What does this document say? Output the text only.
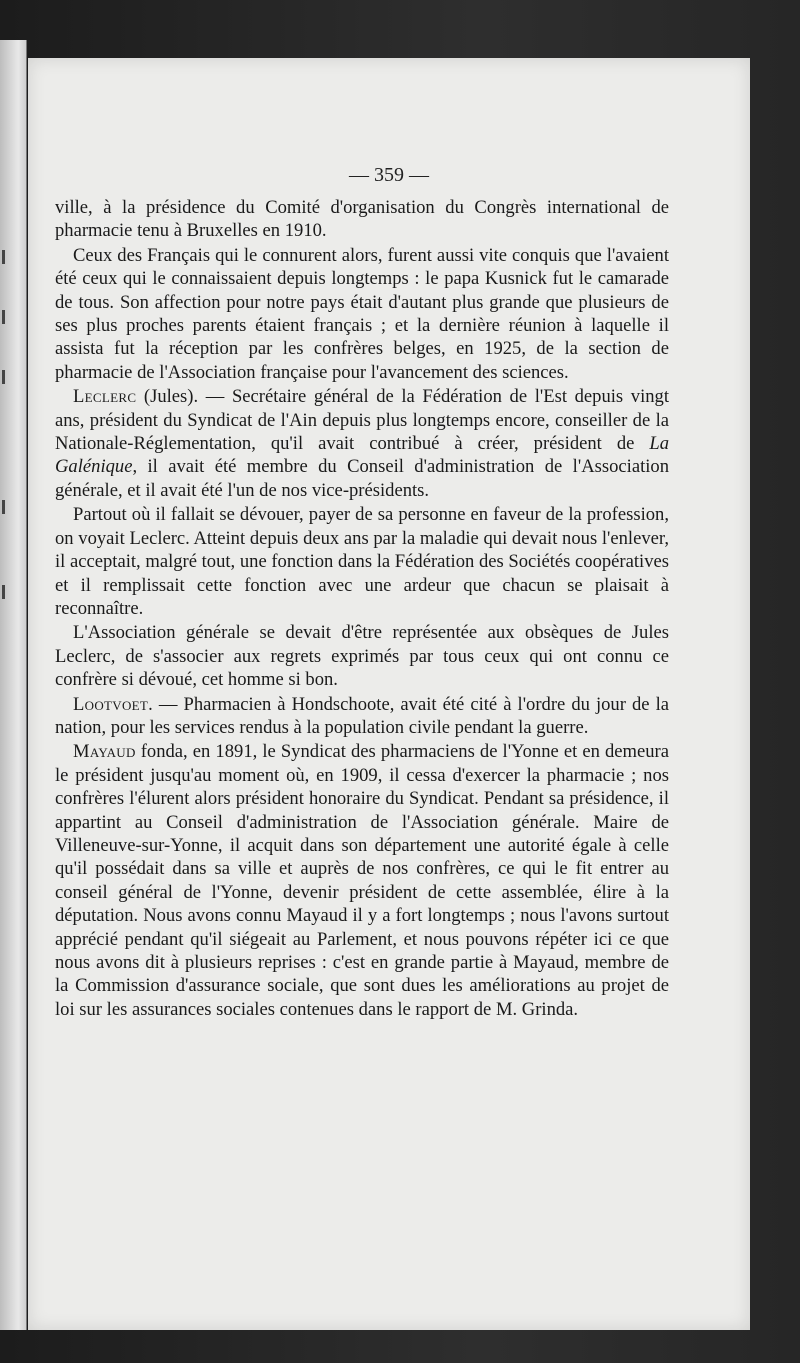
— 359 —

ville, à la présidence du Comité d'organisation du Congrès international de pharmacie tenu à Bruxelles en 1910.

Ceux des Français qui le connurent alors, furent aussi vite conquis que l'avaient été ceux qui le connaissaient depuis longtemps : le papa Kusnick fut le camarade de tous. Son affection pour notre pays était d'autant plus grande que plusieurs de ses plus proches parents étaient français ; et la dernière réunion à laquelle il assista fut la réception par les confrères belges, en 1925, de la section de pharmacie de l'Association française pour l'avancement des sciences.

Leclerc (Jules). — Secrétaire général de la Fédération de l'Est depuis vingt ans, président du Syndicat de l'Ain depuis plus longtemps encore, conseiller de la Nationale-Réglementation, qu'il avait contribué à créer, président de La Galénique, il avait été membre du Conseil d'administration de l'Association générale, et il avait été l'un de nos vice-présidents.

Partout où il fallait se dévouer, payer de sa personne en faveur de la profession, on voyait Leclerc. Atteint depuis deux ans par la maladie qui devait nous l'enlever, il acceptait, malgré tout, une fonction dans la Fédération des Sociétés coopératives et il remplissait cette fonction avec une ardeur que chacun se plaisait à reconnaître.

L'Association générale se devait d'être représentée aux obsèques de Jules Leclerc, de s'associer aux regrets exprimés par tous ceux qui ont connu ce confrère si dévoué, cet homme si bon.

Lootvoet. — Pharmacien à Hondschoote, avait été cité à l'ordre du jour de la nation, pour les services rendus à la population civile pendant la guerre.

Mayaud fonda, en 1891, le Syndicat des pharmaciens de l'Yonne et en demeura le président jusqu'au moment où, en 1909, il cessa d'exercer la pharmacie ; nos confrères l'élurent alors président honoraire du Syndicat. Pendant sa présidence, il appartint au Conseil d'administration de l'Association générale. Maire de Villeneuve-sur-Yonne, il acquit dans son département une autorité égale à celle qu'il possédait dans sa ville et auprès de nos confrères, ce qui le fit entrer au conseil général de l'Yonne, devenir président de cette assemblée, élire à la députation. Nous avons connu Mayaud il y a fort longtemps ; nous l'avons surtout apprécié pendant qu'il siégeait au Parlement, et nous pouvons répéter ici ce que nous avons dit à plusieurs reprises : c'est en grande partie à Mayaud, membre de la Commission d'assurance sociale, que sont dues les améliorations au projet de loi sur les assurances sociales contenues dans le rapport de M. Grinda.
